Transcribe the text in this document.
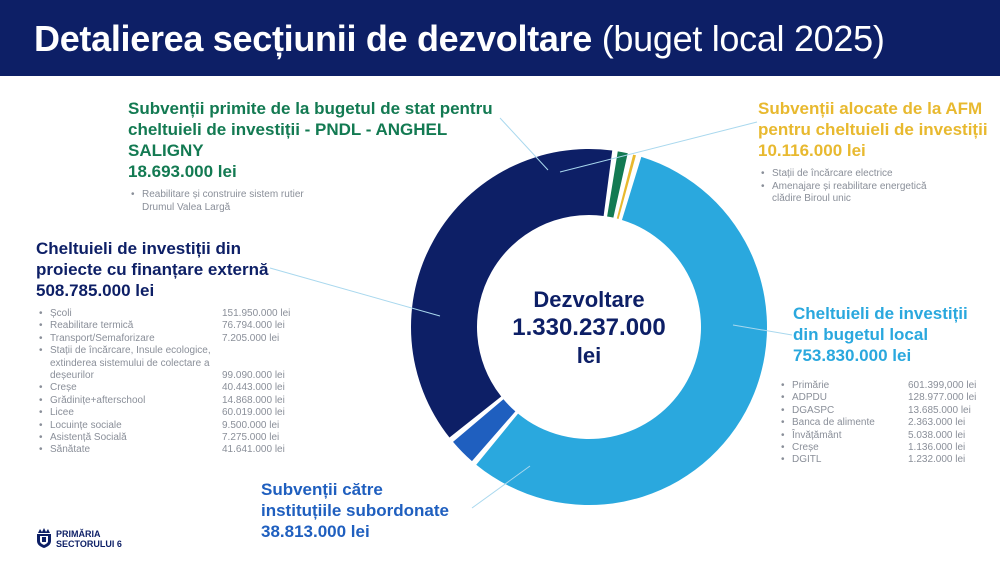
Detalierea secțiunii de dezvoltare (buget local 2025)
Dezvoltare
1.330.237.000
lei
Subvenții primite de la bugetul de stat pentru
cheltuieli de investiții - PNDL - ANGHEL SALIGNY
18.693.000 lei
• Reabilitare și construire sistem rutier Drumul Valea Largă
Subvenții alocate de la AFM
pentru cheltuieli de investiții
10.116.000 lei
• Stații de încărcare electrice
• Amenajare și reabilitare energetică clădire Biroul unic
Cheltuieli de investiții din
proiecte cu finanțare externă
508.785.000 lei
• Școli	151.950.000 lei
• Reabilitare termică	76.794.000 lei
• Transport/Semaforizare	7.205.000 lei
• Stații de încărcare, Insule ecologice, extinderea sistemului de colectare a deșeurilor	99.090.000 lei
• Creșe	40.443.000 lei
• Grădinițe+afterschool	14.868.000 lei
• Licee	60.019.000 lei
• Locuințe sociale	9.500.000 lei
• Asistență Socială	7.275.000 lei
• Sănătate	41.641.000 lei
Cheltuieli de investiții
din bugetul local
753.830.000 lei
• Primărie	601.399,000 lei
• ADPDU	128.977.000 lei
• DGASPC	13.685.000 lei
• Banca de alimente	2.363.000 lei
• Învățământ	5.038.000 lei
• Creșe	1.136.000 lei
• DGITL	1.232.000 lei
Subvenții către
instituțiile subordonate
38.813.000 lei
PRIMĂRIA
SECTORULUI 6
